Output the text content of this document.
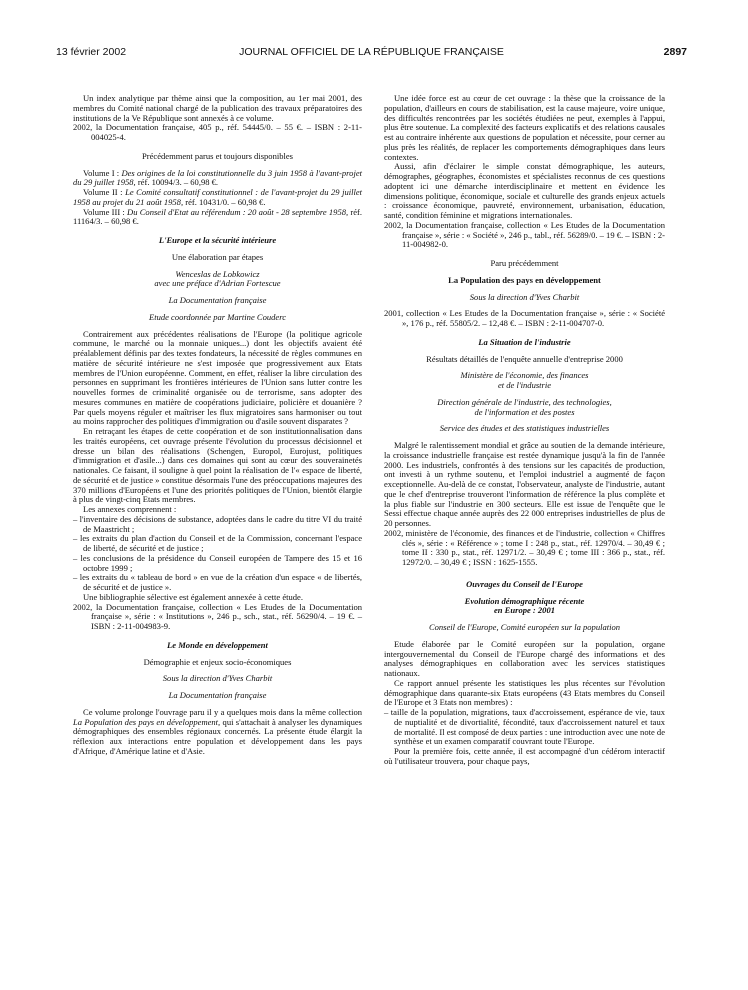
13 février 2002	JOURNAL OFFICIEL DE LA RÉPUBLIQUE FRANÇAISE	2897

Un index analytique par thème ainsi que la composition, au 1er mai 2001, des membres du Comité national chargé de la publication des travaux préparatoires des institutions de la Ve République sont annexés à ce volume.

2002, la Documentation française, 405 p., réf. 54445/0. – 55 €. – ISBN : 2-11-004025-4.

Précédemment parus et toujours disponibles

Volume I : Des origines de la loi constitutionnelle du 3 juin 1958 à l'avant-projet du 29 juillet 1958, réf. 10094/3. – 60,98 €.

Volume II : Le Comité consultatif constitutionnel : de l'avant-projet du 29 juillet 1958 au projet du 21 août 1958, réf. 10431/0. – 60,98 €.

Volume III : Du Conseil d'Etat au référendum : 20 août - 28 septembre 1958, réf. 11164/3. – 60,98 €.

L'Europe et la sécurité intérieure

Une élaboration par étapes

Wenceslas de Lobkowicz

avec une préface d'Adrian Fortescue

La Documentation française

Etude coordonnée par Martine Couderc

Contrairement aux précédentes réalisations de l'Europe (la politique agricole commune, le marché ou la monnaie uniques...) dont les objectifs avaient été préalablement définis par des textes fondateurs, la nécessité de règles communes en matière de sécurité intérieure ne s'est imposée que progressivement aux Etats membres de l'Union européenne. Comment, en effet, réaliser la libre circulation des personnes en supprimant les frontières intérieures de l'Union sans lutter contre les nouvelles formes de criminalité organisée ou de terrorisme, sans adopter des mesures communes en matière de coopérations judiciaire, policière et douanière ? Par quels moyens réguler et maîtriser les flux migratoires sans harmoniser ou tout au moins rapprocher des politiques d'immigration ou d'asile souvent disparates ?

En retraçant les étapes de cette coopération et de son institutionnalisation dans les traités européens, cet ouvrage présente l'évolution du processus décisionnel et dresse un bilan des réalisations (Schengen, Europol, Eurojust, politiques d'immigration et d'asile...) dans ces domaines qui sont au cœur des souverainetés nationales. Ce faisant, il souligne à quel point la réalisation de l'« espace de liberté, de sécurité et de justice » constitue désormais l'une des préoccupations majeures des 370 millions d'Européens et l'une des priorités politiques de l'Union, bientôt élargie à plus de vingt-cinq Etats membres.

Les annexes comprennent :

– l'inventaire des décisions de substance, adoptées dans le cadre du titre VI du traité de Maastricht ;

– les extraits du plan d'action du Conseil et de la Commission, concernant l'espace de liberté, de sécurité et de justice ;

– les conclusions de la présidence du Conseil européen de Tampere des 15 et 16 octobre 1999 ;

– les extraits du « tableau de bord » en vue de la création d'un espace « de libertés, de sécurité et de justice ».

Une bibliographie sélective est également annexée à cette étude.

2002, la Documentation française, collection « Les Etudes de la Documentation française », série : « Institutions », 246 p., sch., stat., réf. 56290/4. – 19 €. – ISBN : 2-11-004983-9.

Le Monde en développement

Démographie et enjeux socio-économiques

Sous la direction d'Yves Charbit

La Documentation française

Ce volume prolonge l'ouvrage paru il y a quelques mois dans la même collection La Population des pays en développement, qui s'attachait à analyser les dynamiques démographiques des ensembles régionaux concernés. La présente étude élargit la réflexion aux interactions entre population et développement dans les pays d'Afrique, d'Amérique latine et d'Asie.

Une idée force est au cœur de cet ouvrage : la thèse que la croissance de la population, d'ailleurs en cours de stabilisation, est la cause majeure, voire unique, des difficultés rencontrées par les sociétés étudiées ne peut, exemples à l'appui, plus être soutenue. La complexité des facteurs explicatifs et des relations causales est au contraire inhérente aux questions de population et nécessite, pour cerner au plus près les réalités, de replacer les comportements démographiques dans leurs contextes.

Aussi, afin d'éclairer le simple constat démographique, les auteurs, démographes, géographes, économistes et spécialistes reconnus de ces questions adoptent ici une démarche interdisciplinaire et mettent en évidence les dimensions politique, économique, sociale et culturelle des grands enjeux actuels : croissance économique, pauvreté, environnement, urbanisation, éducation, santé, condition féminine et migrations internationales.

2002, la Documentation française, collection « Les Etudes de la Documentation française », série : « Société », 246 p., tabl., réf. 56289/0. – 19 €. – ISBN : 2-11-004982-0.

Paru précédemment

La Population des pays en développement

Sous la direction d'Yves Charbit

2001, collection « Les Etudes de la Documentation française », série : « Société », 176 p., réf. 55805/2. – 12,48 €. – ISBN : 2-11-004707-0.

La Situation de l'industrie

Résultats détaillés de l'enquête annuelle d'entreprise 2000

Ministère de l'économie, des finances

et de l'industrie

Direction générale de l'industrie, des technologies,

de l'information et des postes

Service des études et des statistiques industrielles

Malgré le ralentissement mondial et grâce au soutien de la demande intérieure, la croissance industrielle française est restée dynamique jusqu'à la fin de l'année 2000. Les industriels, confrontés à des tensions sur les capacités de production, ont investi à un rythme soutenu, et l'emploi industriel a augmenté de façon exceptionnelle. Au-delà de ce constat, l'observateur, analyste de l'industrie, autant que le chef d'entreprise trouveront l'information de référence la plus complète et la plus fiable sur l'industrie en 300 secteurs. Elle est issue de l'enquête que le Sessi effectue chaque année auprès des 22 000 entreprises industrielles de plus de 20 personnes.

2002, ministère de l'économie, des finances et de l'industrie, collection « Chiffres clés », série : « Référence » ; tome I : 248 p., stat., réf. 12970/4. – 30,49 € ; tome II : 330 p., stat., réf. 12971/2. – 30,49 € ; tome III : 366 p., stat., réf. 12972/0. – 30,49 € ; ISSN : 1625-1555.

Ouvrages du Conseil de l'Europe

Evolution démographique récente

en Europe : 2001

Conseil de l'Europe, Comité européen sur la population

Etude élaborée par le Comité européen sur la population, organe intergouvernemental du Conseil de l'Europe chargé des informations et des analyses démographiques en collaboration avec les services statistiques nationaux.

Ce rapport annuel présente les statistiques les plus récentes sur l'évolution démographique dans quarante-six Etats européens (43 Etats membres du Conseil de l'Europe et 3 Etats non membres) :

– taille de la population, migrations, taux d'accroissement, espérance de vie, taux de nuptialité et de divortialité, fécondité, taux d'accroissement naturel et taux de mortalité. Il est composé de deux parties : une introduction avec une note de synthèse et un examen comparatif couvrant toute l'Europe.

Pour la première fois, cette année, il est accompagné d'un cédérom interactif où l'utilisateur trouvera, pour chaque pays,
